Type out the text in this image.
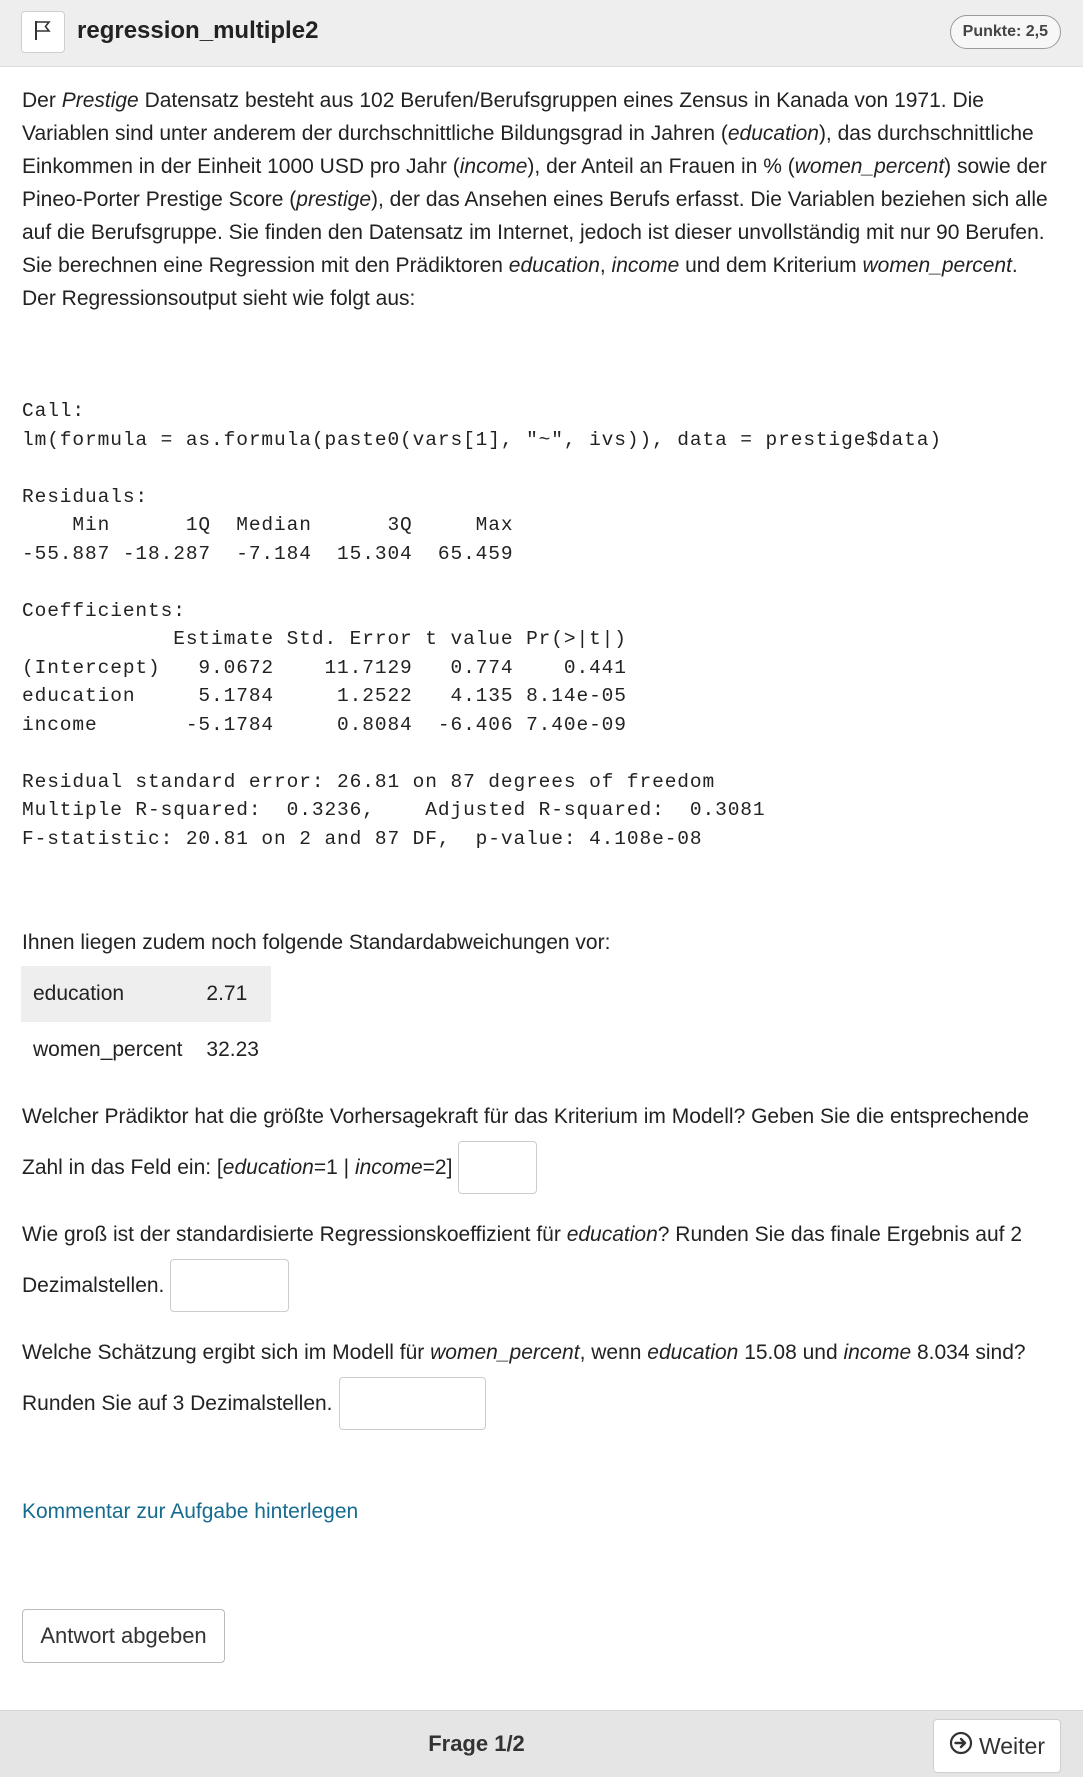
regression_multiple2	Punkte: 2,5

Der Prestige Datensatz besteht aus 102 Berufen/Berufsgruppen eines Zensus in Kanada von 1971. Die Variablen sind unter anderem der durchschnittliche Bildungsgrad in Jahren (education), das durchschnittliche Einkommen in der Einheit 1000 USD pro Jahr (income), der Anteil an Frauen in % (women_percent) sowie der Pineo-Porter Prestige Score (prestige), der das Ansehen eines Berufs erfasst. Die Variablen beziehen sich alle auf die Berufsgruppe. Sie finden den Datensatz im Internet, jedoch ist dieser unvollständig mit nur 90 Berufen.

Sie berechnen eine Regression mit den Prädiktoren education, income und dem Kriterium women_percent.

Der Regressionsoutput sieht wie folgt aus:

Call:
lm(formula = as.formula(paste0(vars[1], "~", ivs)), data = prestige$data)

Residuals:
Min      1Q  Median      3Q     Max
-55.887 -18.287  -7.184  15.304  65.459

Coefficients:
Estimate Std. Error t value Pr(>|t|)
(Intercept)   9.0672    11.7129   0.774    0.441
education     5.1784     1.2522   4.135 8.14e-05
income       -5.1784     0.8084  -6.406 7.40e-09

Residual standard error: 26.81 on 87 degrees of freedom
Multiple R-squared:  0.3236,    Adjusted R-squared:  0.3081
F-statistic: 20.81 on 2 and 87 DF,  p-value: 4.108e-08
Ihnen liegen zudem noch folgende Standardabweichungen vor:
education	2.71
women_percent	32.23
Welcher Prädiktor hat die größte Vorhersagekraft für das Kriterium im Modell? Geben Sie die entsprechende
Zahl in das Feld ein: [education=1 | income=2]
Wie groß ist der standardisierte Regressionskoeffizient für education? Runden Sie das finale Ergebnis auf 2
Dezimalstellen.
Welche Schätzung ergibt sich im Modell für women_percent, wenn education 15.08 und income 8.034 sind?
Runden Sie auf 3 Dezimalstellen.
Kommentar zur Aufgabe hinterlegen
Antwort abgeben
Frage 1/2	Weiter
